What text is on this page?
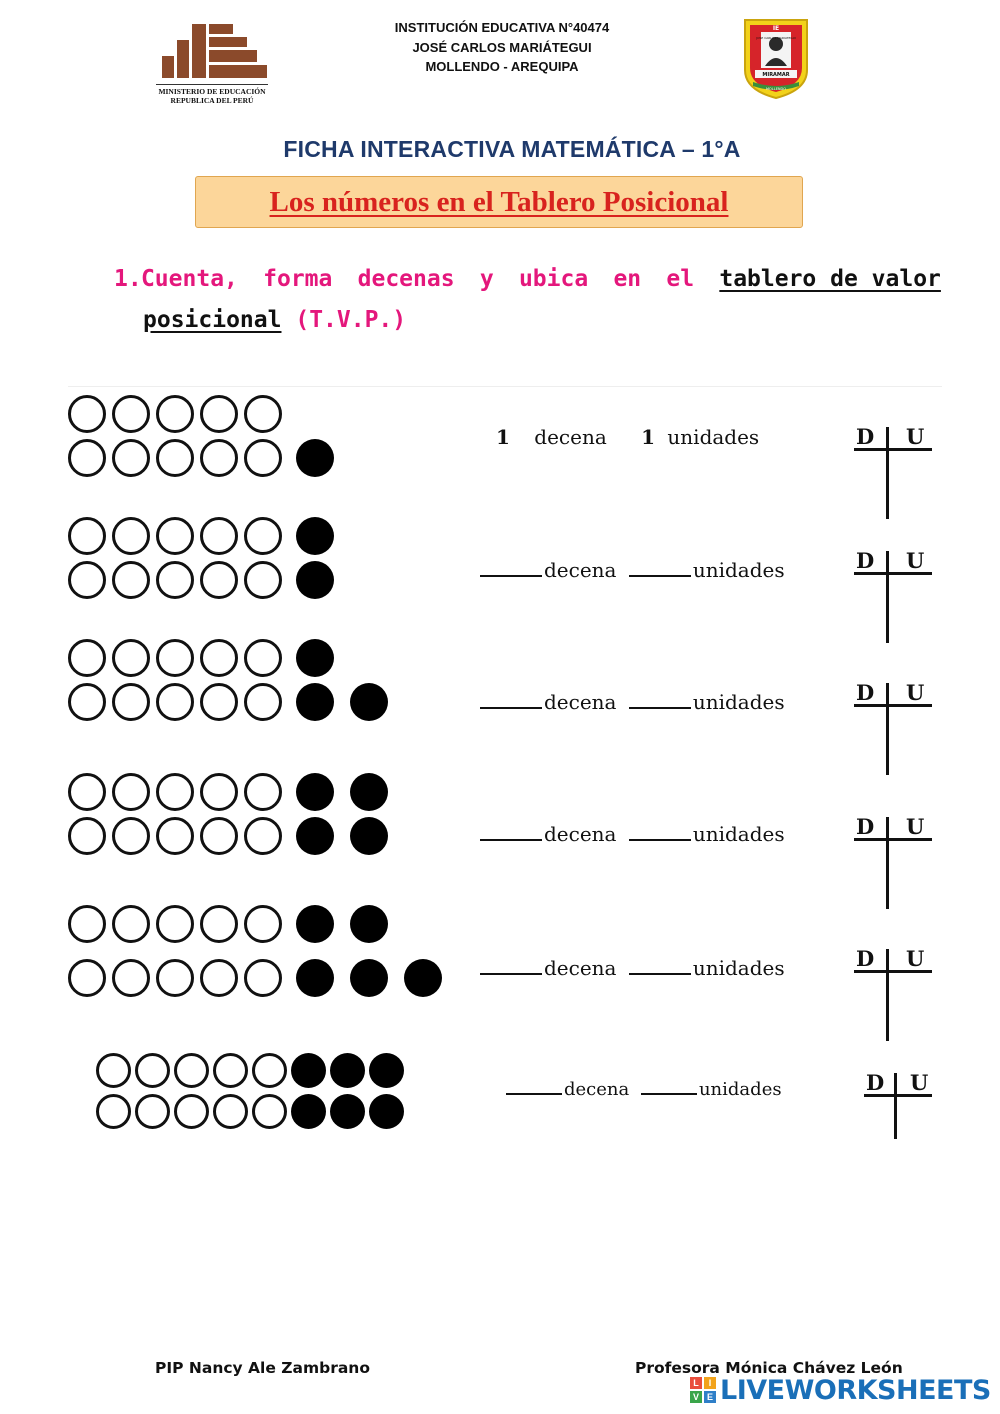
MINISTERIO DE EDUCACIÓN
REPUBLICA DEL PERÚ
INSTITUCIÓN EDUCATIVA N°40474
JOSÉ CARLOS MARIÁTEGUI
MOLLENDO - AREQUIPA
IE
JOSE CARLOS MARIATEGUI
MIRAMAR
MOLLENDO
FICHA INTERACTIVA MATEMÁTICA – 1°A
Los números en el Tablero Posicional
1. Cuenta, forma decenas y ubica en el tablero de valor
posicional (T.V.P.)
1 decena 1 unidades	D U
decena	unidades	D U
decena	unidades	D U
decena	unidades	D U
decena	unidades	D U
decena	unidades	D U
PIP Nancy Ale Zambrano	Profesora Mónica Chávez León
L	I
V E LIVEWORKSHEETS
